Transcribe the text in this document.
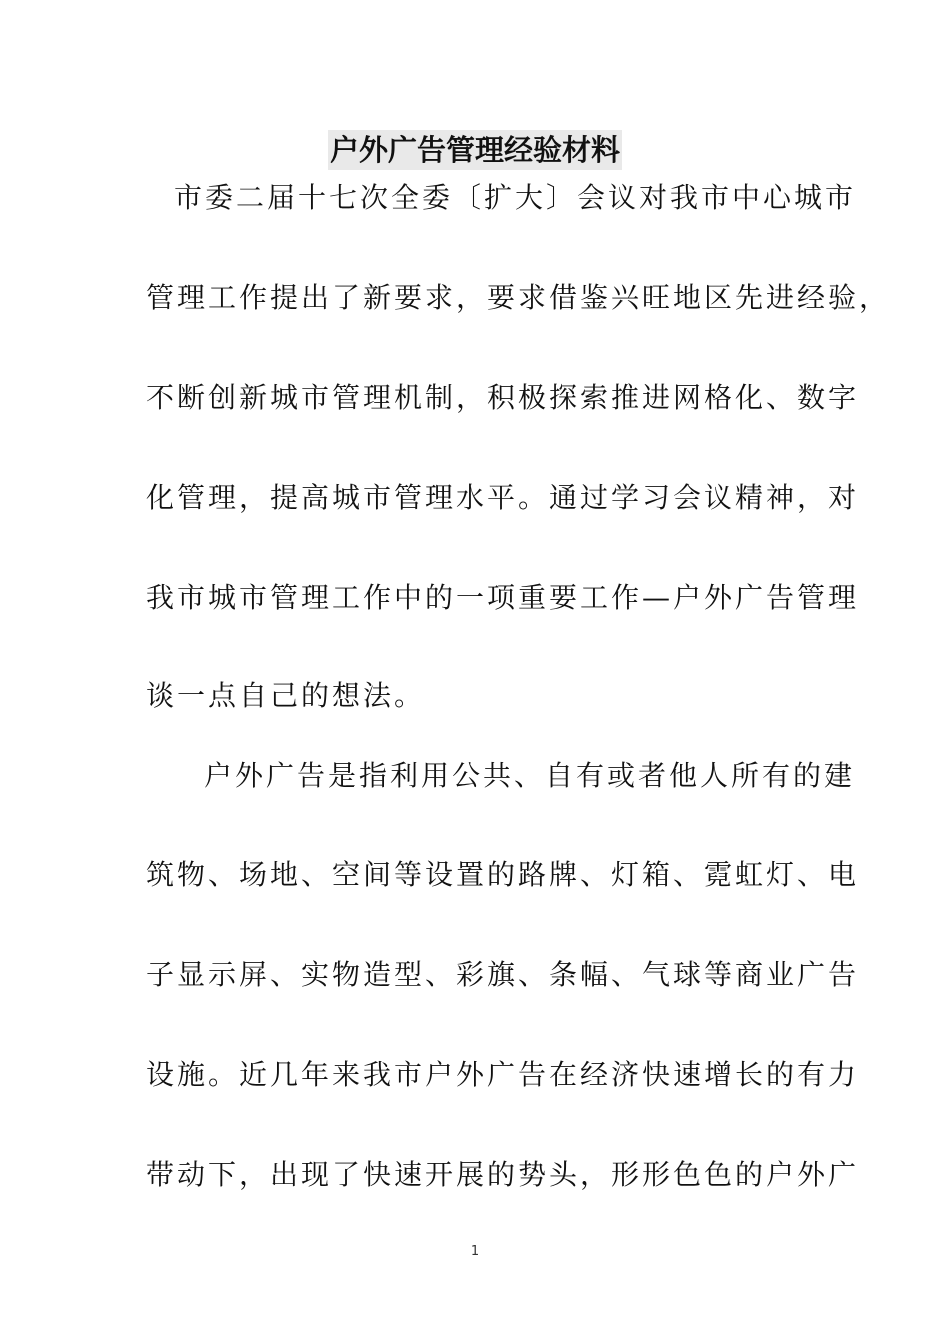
户外广告管理经验材料
市委二届十七次全委〔扩大〕会议对我市中心城市
管理工作提出了新要求，要求借鉴兴旺地区先进经验，
不断创新城市管理机制，积极探索推进网格化、数字
化管理，提高城市管理水平。通过学习会议精神，对
我市城市管理工作中的一项重要工作—户外广告管理
谈一点自己的想法。
户外广告是指利用公共、自有或者他人所有的建
筑物、场地、空间等设置的路牌、灯箱、霓虹灯、电
子显示屏、实物造型、彩旗、条幅、气球等商业广告
设施。近几年来我市户外广告在经济快速增长的有力
带动下，出现了快速开展的势头，形形色色的户外广
1
